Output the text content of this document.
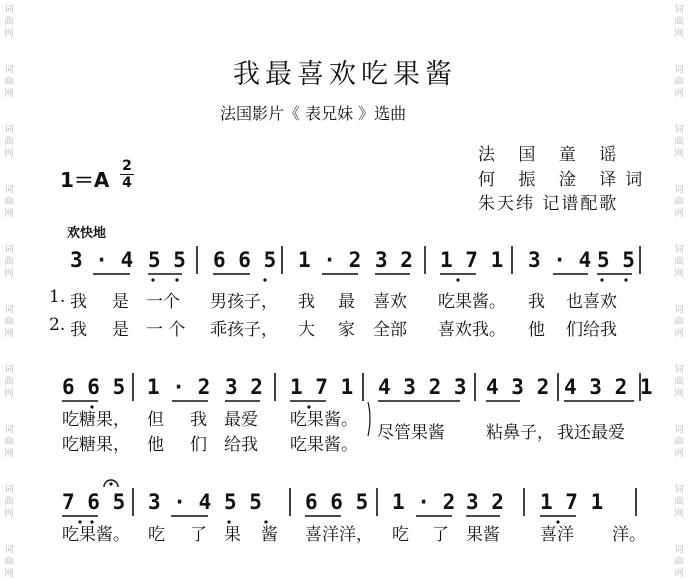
词
曲
网
词
曲
网
词
曲
网
词
曲
网
词
曲
网
词
曲
网
词
曲
网
词
曲
网
词
曲
网
词
曲
网
词
曲
网
词
曲
网
词
曲
网
词
曲
网
词
曲
网
词
曲
网
词
曲
网
词
曲
网
词
曲
网
词
曲
网
我最喜欢吃果酱
法国影片《 表兄妹 》选曲
法 国 童 谣
何 振 淦 译词
朱天纬 记谱配歌
1＝A
2
4
欢快地
3 · 4 5 5 6 6 5 1 · 2 3 2 1 7 1 3 · 4 5 5
1. 我 是 一个 男孩子， 我 最 喜欢 吃果酱。 我 也喜欢
2. 我 是 一 个 乖孩子， 大 家 全部 喜欢我。 他 们给我
6 6 5 1 · 2 3 2 1 7 1 4 3 2 3 4 3 2 4 3 2 1
吃糖果， 但 我 最爱 吃果酱。
吃糖果， 他 们 给我 吃果酱。
尽管果酱 粘鼻子， 我还最爱
7 6 5 3 · 4 5 5 6 6 5 1 · 2 3 2 1 7 1
吃果酱。 吃 了 果 酱 喜洋洋， 吃 了 果酱 喜洋 洋。
